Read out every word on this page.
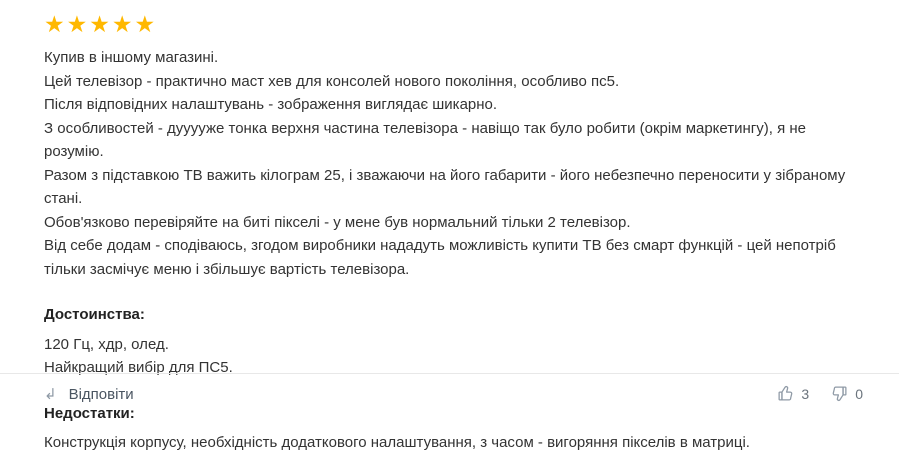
★★★★★

Купив в іншому магазині.

Цей телевізор - практично маст хев для консолей нового покоління, особливо пс5.

Після відповідних налаштувань - зображення виглядає шикарно.

З особливостей - дууууже тонка верхня частина телевізора - навіщо так було робити (окрім маркетингу), я не розумію.

Разом з підставкою ТВ важить кілограм 25, і зважаючи на його габарити - його небезпечно переносити у зібраному стані.

Обов'язково перевіряйте на биті пікселі - у мене був нормальний тільки 2 телевізор.

Від себе додам - сподіваюсь, згодом виробники нададуть можливість купити ТВ без смарт функцій - цей непотріб тільки засмічує меню і збільшує вартість телевізора.

Достоинства:
120 Гц, хдр, олед.
Найкращий вибір для ПС5.
Недостатки:
Конструкція корпусу, необхідність додаткового налаштування, з часом - вигоряння пікселів в матриці.
↳ Відповіти	3	0
